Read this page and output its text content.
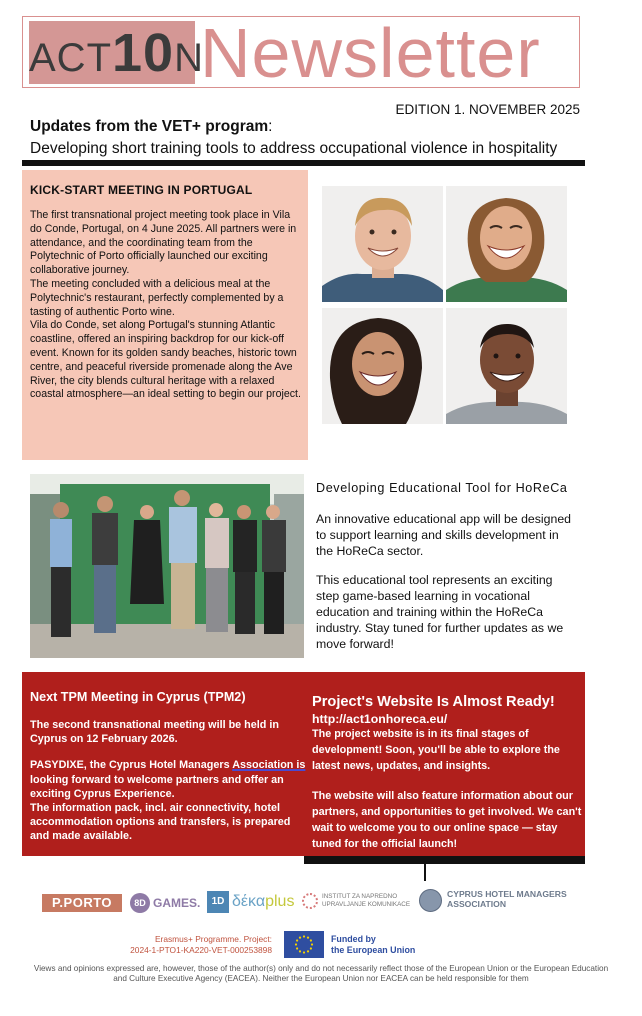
ACT10N
Newsletter
EDITION 1. NOVEMBER 2025
Updates from the VET+ program:
Developing short training tools to address occupational violence in hospitality
KICK-START MEETING IN PORTUGAL

The first transnational project meeting took place in Vila do Conde, Portugal, on 4 June 2025. All partners were in attendance, and the coordinating team from the Polytechnic of Porto officially launched our exciting collaborative journey.

The meeting concluded with a delicious meal at the Polytechnic's restaurant, perfectly complemented by a tasting of authentic Porto wine.

Vila do Conde, set along Portugal's stunning Atlantic coastline, offered an inspiring backdrop for our kick-off event. Known for its golden sandy beaches, historic town centre, and peaceful riverside promenade along the Ave River, the city blends cultural heritage with a relaxed coastal atmosphere—an ideal setting to begin our project.

Developing Educational Tool for HoReCa

An innovative educational app will be designed to support learning and skills development in the HoReCa sector.

This educational tool represents an exciting step game-based learning in vocational education and training within the HoReCa industry. Stay tuned for further updates as we move forward!

Next TPM Meeting in Cyprus (TPM2)

The second transnational meeting will be held in Cyprus on 12 February 2026.

PASYDIXE, the Cyprus Hotel Managers Association is looking forward to welcome partners and offer an exciting Cyprus Experience.

The information pack, incl. air connectivity, hotel accommodation options and transfers, is prepared and made available.

Project's Website Is Almost Ready!
http://act1onhoreca.eu/

The project website is in its final stages of development! Soon, you'll be able to explore the latest news, updates, and insights.

The website will also feature information about our partners, and opportunities to get involved. We can't wait to welcome you to our online space — stay tuned for the official launch!

P.PORTO	8D GAMES.	1D δέκαplus	INSTITUT ZA NAPREDNO UPRAVLJANJE KOMUNIKACE
CYPRUS HOTEL MANAGERS ASSOCIATION
Erasmus+ Programme. Project:
2024-1-PTO1-KA220-VET-000253898
Funded by
the European Union
Views and opinions expressed are, however, those of the author(s) only and do not necessarily reflect those of the European Union or the European Education and Culture Executive Agency (EACEA). Neither the European Union nor EACEA can be held responsible for them
